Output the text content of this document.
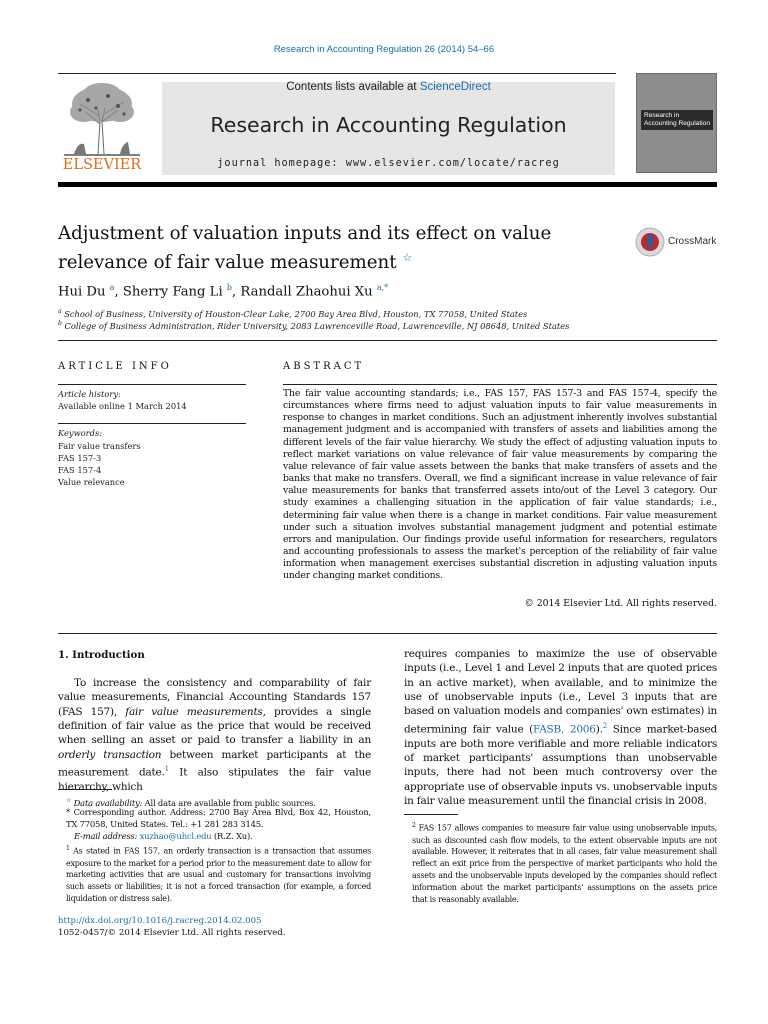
Research in Accounting Regulation 26 (2014) 54–66
ELSEVIER
Contents lists available at ScienceDirect
Research in Accounting Regulation
journal homepage: www.elsevier.com/locate/racreg
Research in Accounting Regulation
Adjustment of valuation inputs and its effect on value relevance of fair value measurement ☆
CrossMark
Hui Du $^a$, Sherry Fang Li $^b$, Randall Zhaohui Xu $^{a,*}$
$^a$ School of Business, University of Houston-Clear Lake, 2700 Bay Area Blvd, Houston, TX 77058, United States
$^b$ College of Business Administration, Rider University, 2083 Lawrenceville Road, Lawrenceville, NJ 08648, United States
ARTICLE INFO
Article history:
Available online 1 March 2014
Keywords:
Fair value transfers
FAS 157-3
FAS 157-4
Value relevance
ABSTRACT
The fair value accounting standards; i.e., FAS 157, FAS 157-3 and FAS 157-4, specify the circumstances where firms need to adjust valuation inputs to fair value measurements in response to changes in market conditions. Such an adjustment inherently involves substantial management judgment and is accompanied with transfers of assets and liabilities among the different levels of the fair value hierarchy. We study the effect of adjusting valuation inputs to reflect market variations on value relevance of fair value measurements by comparing the value relevance of fair value assets between the banks that make transfers of assets and the banks that make no transfers. Overall, we find a significant increase in value relevance of fair value measurements for banks that transferred assets into/out of the Level 3 category. Our study examines a challenging situation in the application of fair value standards; i.e., determining fair value when there is a change in market conditions. Fair value measurement under such a situation involves substantial management judgment and potential estimate errors and manipulation. Our findings provide useful information for researchers, regulators and accounting professionals to assess the market's perception of the reliability of fair value information when management exercises substantial discretion in adjusting valuation inputs under changing market conditions.
© 2014 Elsevier Ltd. All rights reserved.
1. Introduction
To increase the consistency and comparability of fair value measurements, Financial Accounting Standards 157 (FAS 157), fair value measurements, provides a single definition of fair value as the price that would be received when selling an asset or paid to transfer a liability in an orderly transaction between market participants at the measurement date.$^1$ It also stipulates the fair value hierarchy, which
requires companies to maximize the use of observable inputs (i.e., Level 1 and Level 2 inputs that are quoted prices in an active market), when available, and to minimize the use of unobservable inputs (i.e., Level 3 inputs that are based on valuation models and companies' own estimates) in determining fair value (FASB, 2006).$^2$ Since market-based inputs are both more verifiable and more reliable indicators of market participants' assumptions than unobservable inputs, there had not been much controversy over the appropriate use of observable inputs vs. unobservable inputs in fair value measurement until the financial crisis in 2008.
☆ Data availability: All data are available from public sources.
* Corresponding author. Address: 2700 Bay Area Blvd, Box 42, Houston, TX 77058, United States. Tel.: +1 281 283 3145.
E-mail address: xuzhao@uhcl.edu (R.Z. Xu).
$^1$ As stated in FAS 157, an orderly transaction is a transaction that assumes exposure to the market for a period prior to the measurement date to allow for marketing activities that are usual and customary for transactions involving such assets or liabilities; it is not a forced transaction (for example, a forced liquidation or distress sale).
$^2$ FAS 157 allows companies to measure fair value using unobservable inputs, such as discounted cash flow models, to the extent observable inputs are not available. However, it reiterates that in all cases, fair value measurement shall reflect an exit price from the perspective of market participants who hold the assets and the unobservable inputs developed by the companies should reflect information about the market participants' assumptions on the assets price that is reasonably available.
http://dx.doi.org/10.1016/j.racreg.2014.02.005
1052-0457/© 2014 Elsevier Ltd. All rights reserved.
